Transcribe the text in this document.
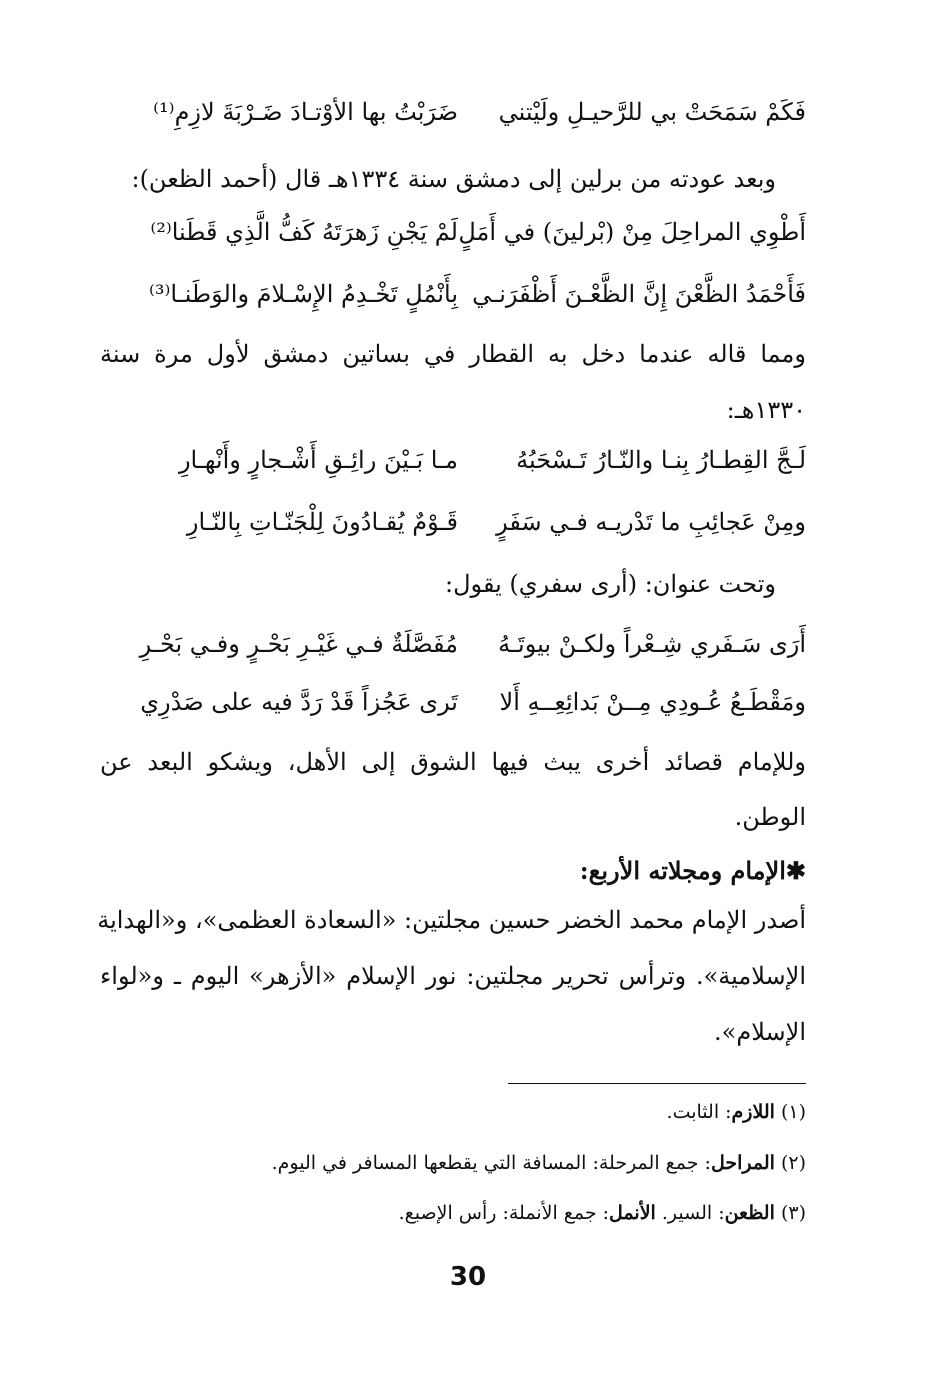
فَكَمْ سَمَحَتْ بي للرَّحيـلِ ولَيْتني
ضَرَبْتُ بها الأوْتـادَ ضَـرْبَةَ لازِمِ⁽¹⁾
وبعد عودته من برلين إلى دمشق سنة ١٣٣٤هـ قال (أحمد الظعن):
أَطْوِي المراحِلَ مِنْ (بْرلينَ) في أَمَلٍ
لَمْ يَجْنِ زَهرَتَهُ كَفُّ الَّذِي قَطَنا⁽²⁾
فَأَحْمَدُ الظَّعْنَ إِنَّ الظَّعْـنَ أَظْفَرَنـي
بِأَنْمُلٍ تَخْـدِمُ الإِسْـلامَ والوَطَنـا⁽³⁾
ومما قاله عندما دخل به القطار في بساتين دمشق لأول مرة سنة
١٣٣٠هـ:
لَـجَّ القِطـارُ بِنـا والنّـارُ تَـسْحَبُهُ
مـا بَـيْنَ رائِـقِ أَشْـجارٍ وأَنْهـارِ
ومِنْ عَجائِبِ ما تَدْريـه فـي سَفَرٍ
قَـوْمٌ يُقـادُونَ لِلْجَنّـاتِ بِالنّـارِ
وتحت عنوان: (أرى سفري) يقول:
أَرَى سَـفَري شِـعْراً ولكـنْ بيوتَـهُ
مُفَصَّلَةٌ فـي غَيْـرِ بَحْـرٍ وفـي بَحْـرِ
ومَقْطَـعُ عُـودِي مِــنْ بَدائِعِــهِ أَلا
تَرى عَجُزاً قَدْ رَدَّ فيه على صَدْرِي
وللإمام قصائد أخرى يبث فيها الشوق إلى الأهل، ويشكو البعد عن
الوطن.
✱الإمام ومجلاته الأربع:
أصدر الإمام محمد الخضر حسين مجلتين: «السعادة العظمى»، و«الهداية
الإسلامية». وترأس تحرير مجلتين: نور الإسلام «الأزهر» اليوم ـ و«لواء
الإسلام».
(١) اللازم: الثابت.
(٢) المراحل: جمع المرحلة: المسافة التي يقطعها المسافر في اليوم.
(٣) الظعن: السير. الأنمل: جمع الأنملة: رأس الإصبع.
30
